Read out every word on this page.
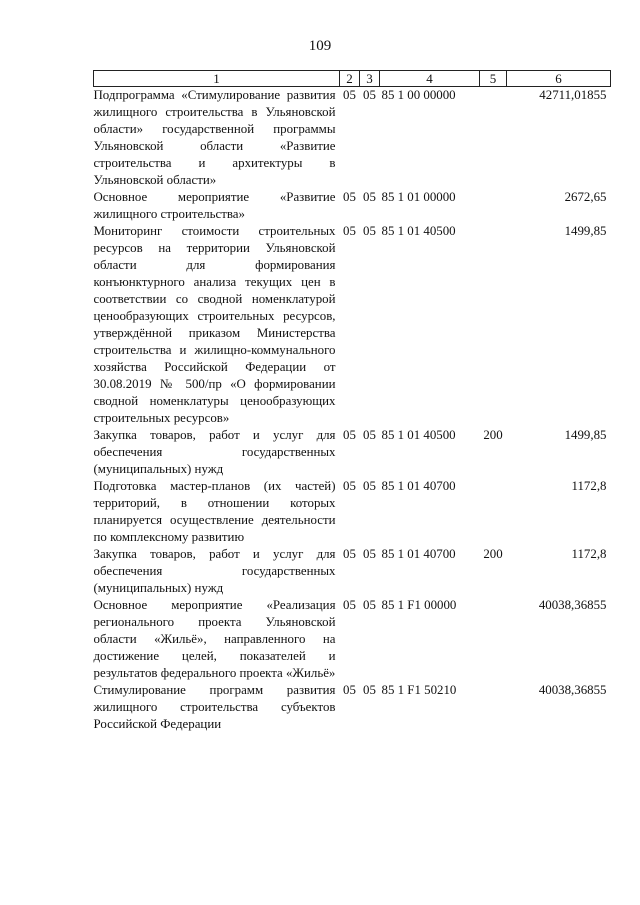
109
1	2	3	4	5	6
Подпрограмма «Стимулирование развития жилищного строительства в Ульяновской области» государственной программы Ульяновской области «Развитие строительства и архитектуры в Ульяновской области»	05	05	85 1 00 00000		42711,01855
Основное мероприятие «Развитие жилищного строительства»	05	05	85 1 01 00000		2672,65
Мониторинг стоимости строительных ресурсов на территории Ульяновской области для формирования конъюнктурного анализа текущих цен в соответствии со сводной номенклатурой ценообразующих строительных ресурсов, утверждённой приказом Министерства строительства и жилищно-коммунального хозяйства Российской Федерации от 30.08.2019 № 500/пр «О формировании сводной номенклатуры ценообразующих строительных ресурсов»	05	05	85 1 01 40500		1499,85
Закупка товаров, работ и услуг для обеспечения государственных (муниципальных) нужд	05	05	85 1 01 40500	200	1499,85
Подготовка мастер-планов (их частей) территорий, в отношении которых планируется осуществление деятельности по комплексному развитию	05	05	85 1 01 40700		1172,8
Закупка товаров, работ и услуг для обеспечения государственных (муниципальных) нужд	05	05	85 1 01 40700	200	1172,8
Основное мероприятие «Реализация регионального проекта Ульяновской области «Жильё», направленного на достижение целей, показателей и результатов федерального проекта «Жильё»	05	05	85 1 F1 00000		40038,36855
Стимулирование программ развития жилищного строительства субъектов Российской Федерации	05	05	85 1 F1 50210		40038,36855
